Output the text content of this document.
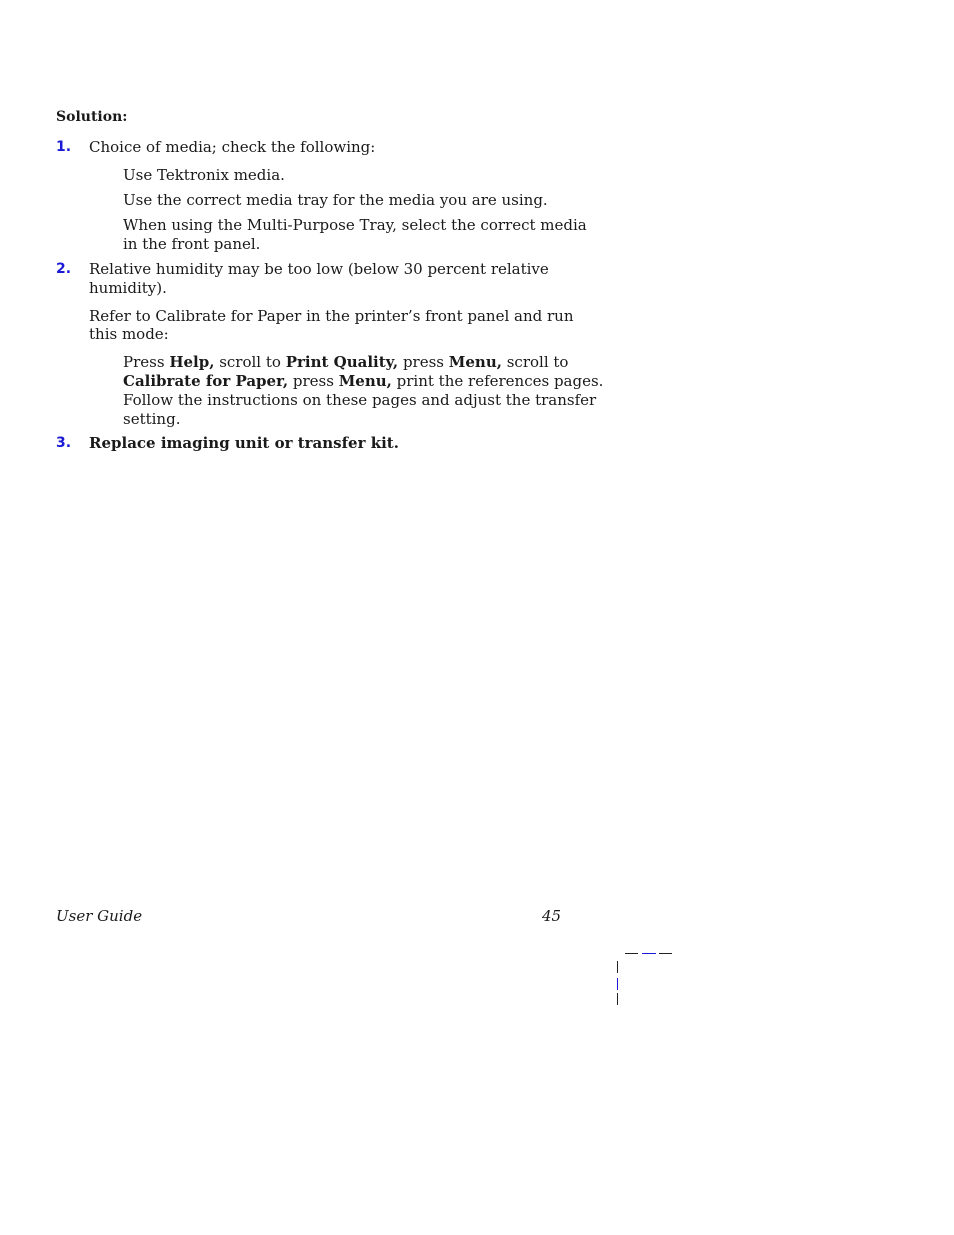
Solution:
1. Choice of media; check the following:
Use Tektronix media.
Use the correct media tray for the media you are using.
When using the Multi-Purpose Tray, select the correct media
in the front panel.
2. Relative humidity may be too low (below 30 percent relative
humidity).
Refer to Calibrate for Paper in the printer’s front panel and run
this mode:
Press Help, scroll to Print Quality, press Menu, scroll to
Calibrate for Paper, press Menu, print the references pages.
Follow the instructions on these pages and adjust the transfer
setting.
3. Replace imaging unit or transfer kit.
User Guide	45
